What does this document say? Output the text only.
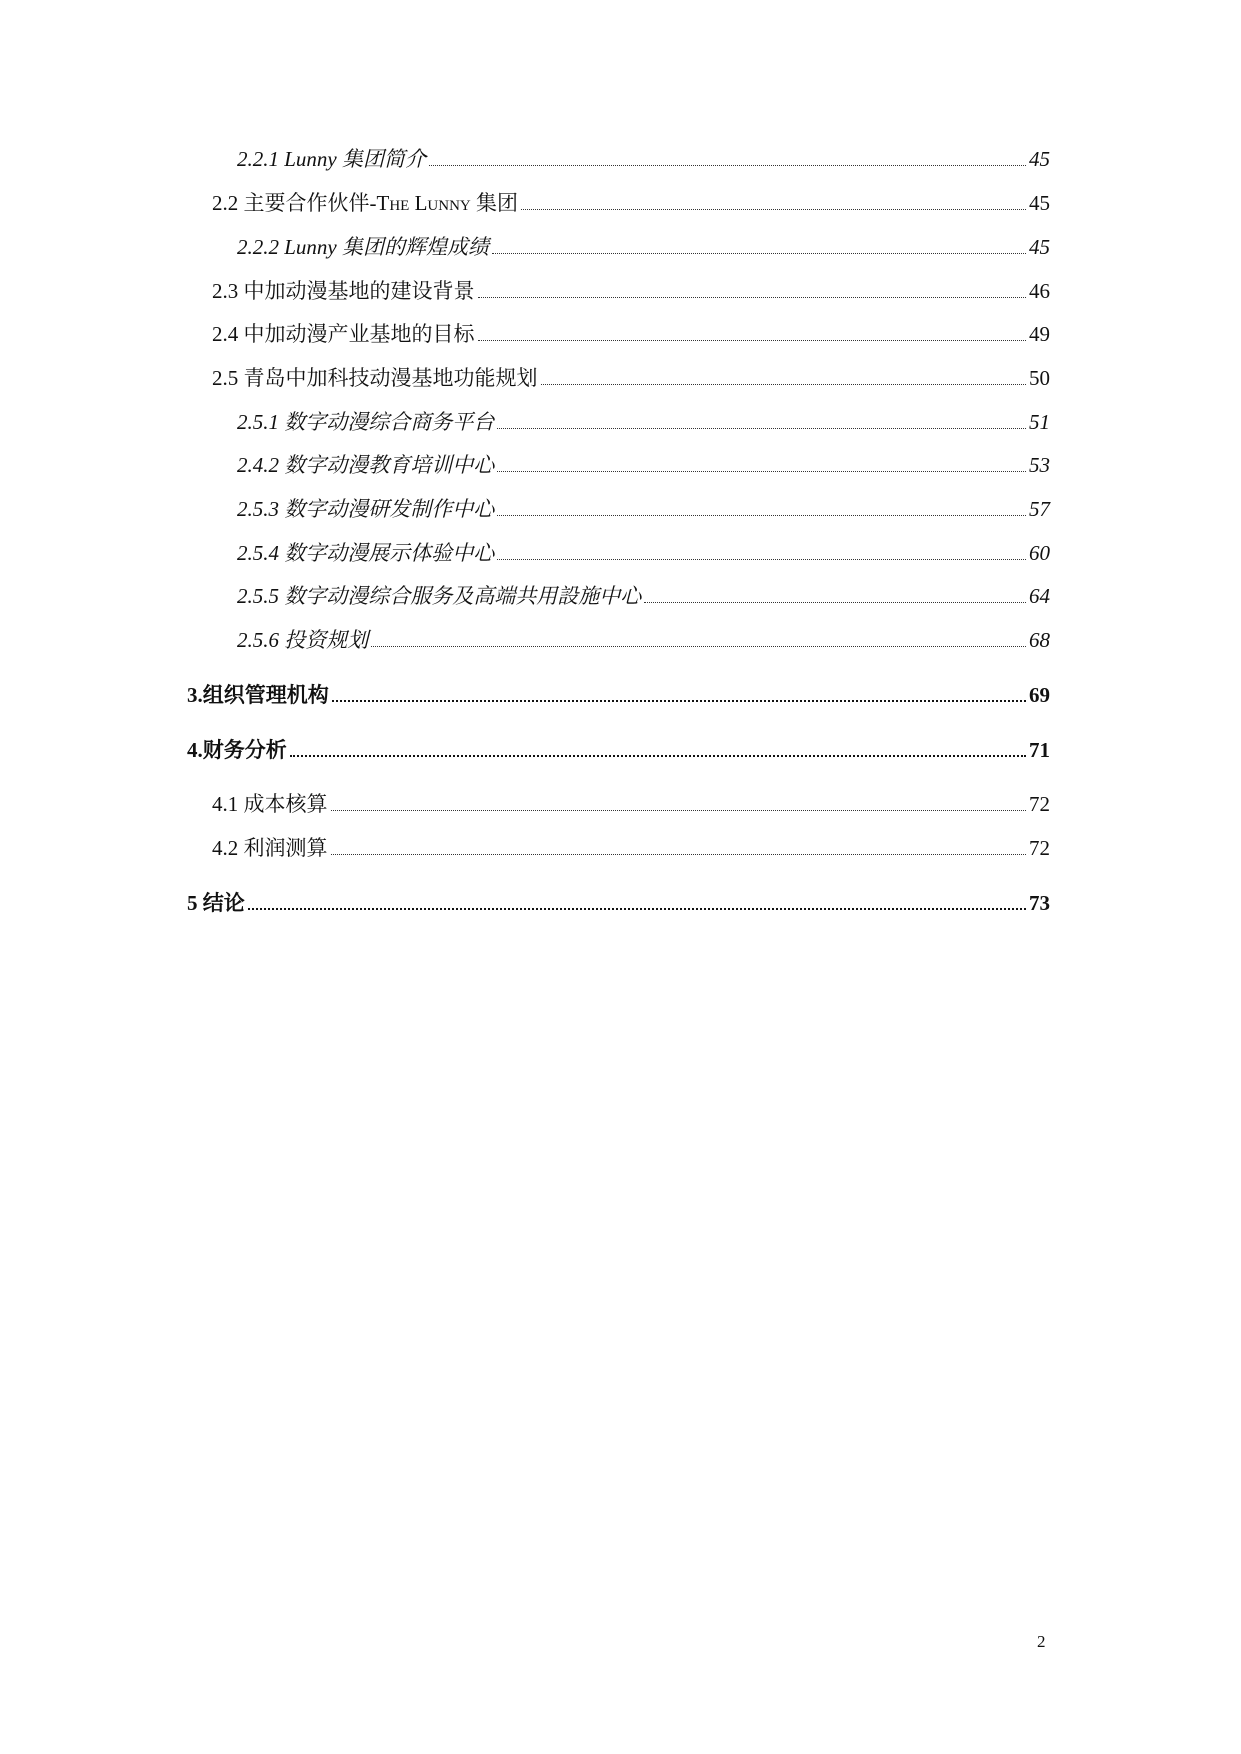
2.2.1 Lunny 集团简介	45
2.2 主要合作伙伴-The Lunny 集团	45
2.2.2 Lunny 集团的辉煌成绩	45
2.3 中加动漫基地的建设背景	46
2.4 中加动漫产业基地的目标	49
2.5 青岛中加科技动漫基地功能规划	50
2.5.1 数字动漫综合商务平台	51
2.4.2 数字动漫教育培训中心	53
2.5.3 数字动漫研发制作中心	57
2.5.4 数字动漫展示体验中心	60
2.5.5 数字动漫综合服务及高端共用設施中心	64
2.5.6 投资规划	68
3.组织管理机构	69
4.财务分析	71
4.1 成本核算	72
4.2 利润测算	72
5 结论	73
2
